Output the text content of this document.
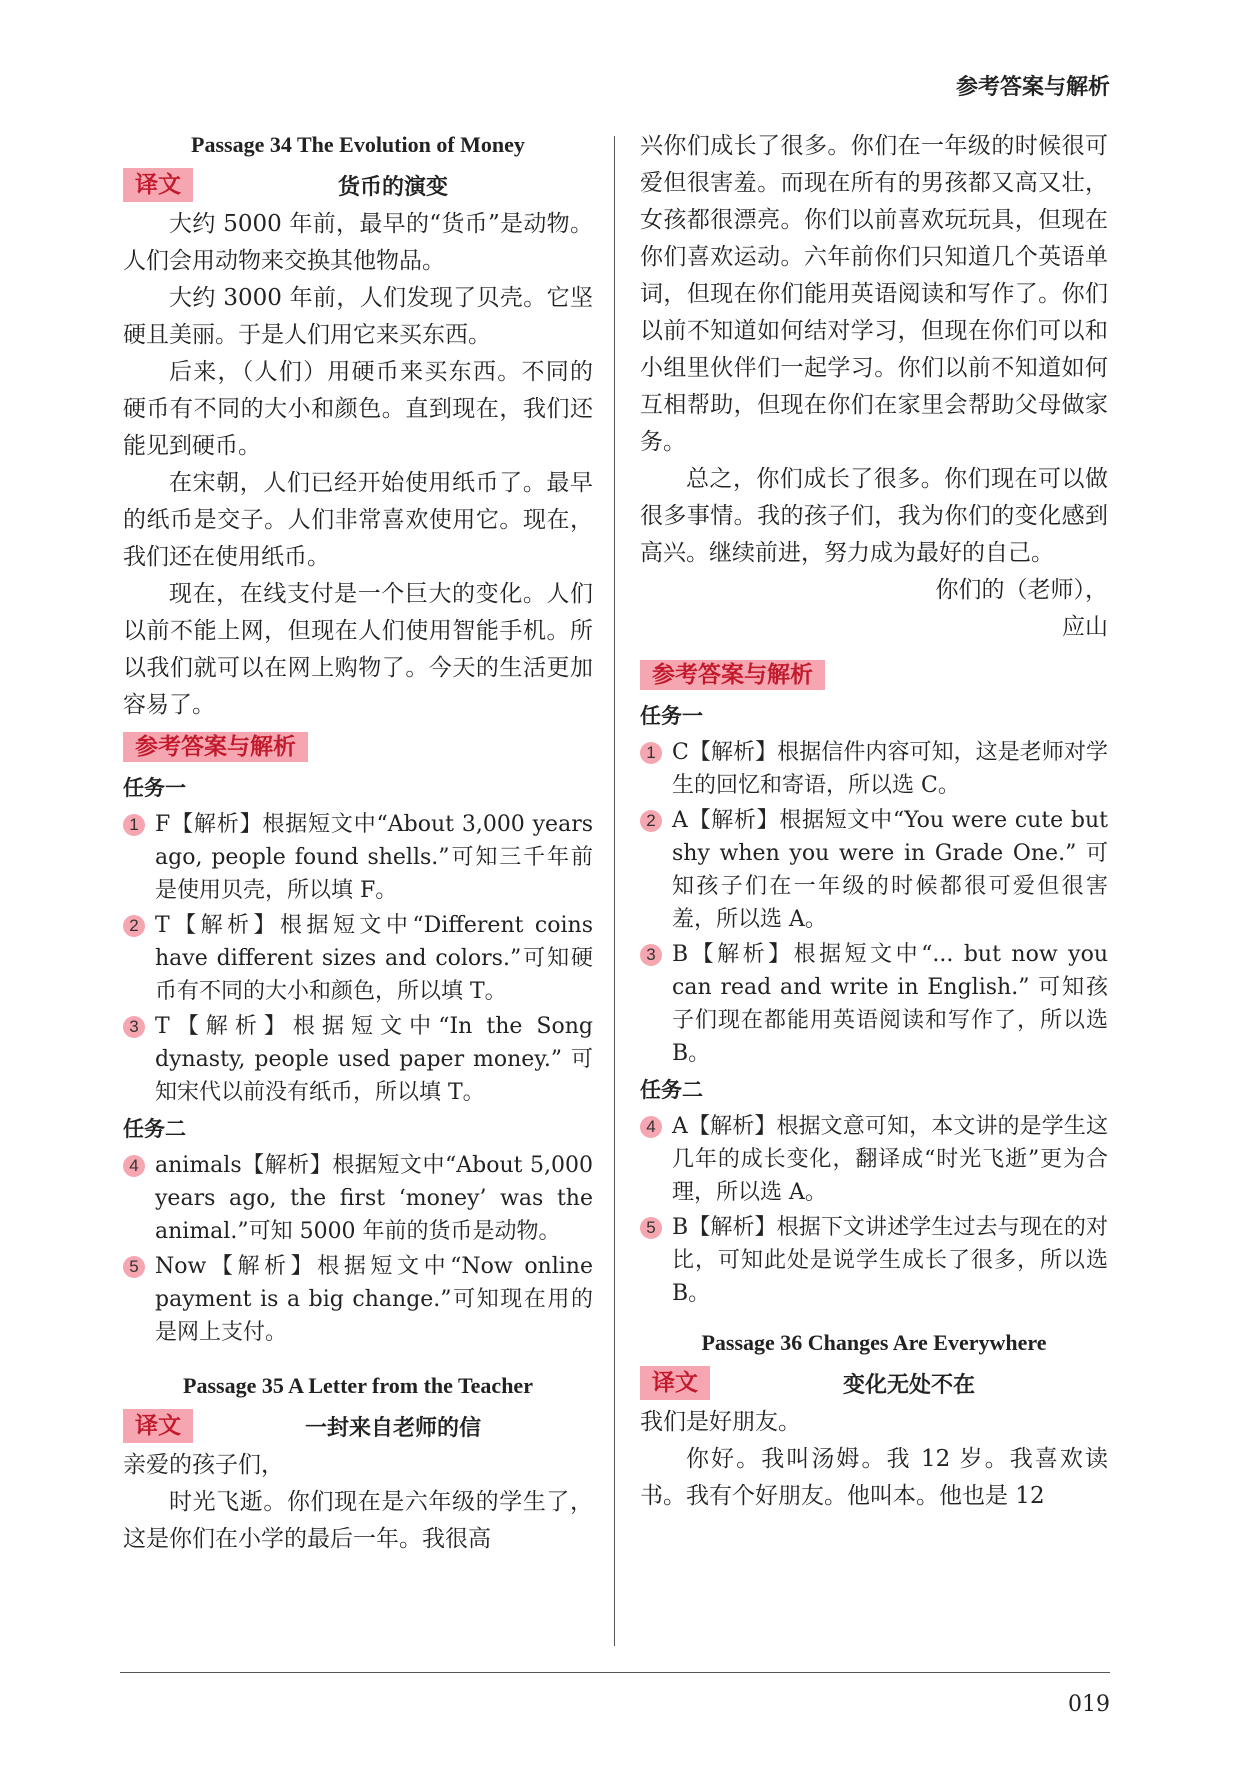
参考答案与解析
Passage 34 The Evolution of Money
译文	货币的演变

大约 5000 年前，最早的“货币”是动物。人们会用动物来交换其他物品。

大约 3000 年前，人们发现了贝壳。它坚硬且美丽。于是人们用它来买东西。

后来，（人们）用硬币来买东西。不同的硬币有不同的大小和颜色。直到现在，我们还能见到硬币。

在宋朝，人们已经开始使用纸币了。最早的纸币是交子。人们非常喜欢使用它。现在，我们还在使用纸币。

现在，在线支付是一个巨大的变化。人们以前不能上网，但现在人们使用智能手机。所以我们就可以在网上购物了。今天的生活更加容易了。

参考答案与解析
任务一
1 F【解析】根据短文中“About 3,000 years ago, people found shells.”可知三千年前是使用贝壳，所以填 F。
2 T【解析】根据短文中“Different coins have different sizes and colors.”可知硬币有不同的大小和颜色，所以填 T。
3 T【解析】根据短文中“In the Song dynasty, people used paper money.” 可知宋代以前没有纸币，所以填 T。
任务二
4 animals【解析】根据短文中“About 5,000 years ago, the first ‘money’ was the animal.”可知 5000 年前的货币是动物。
5 Now【解析】根据短文中“Now online payment is a big change.”可知现在用的是网上支付。
Passage 35 A Letter from the Teacher
译文	一封来自老师的信

亲爱的孩子们，

时光飞逝。你们现在是六年级的学生了，这是你们在小学的最后一年。我很高

兴你们成长了很多。你们在一年级的时候很可爱但很害羞。而现在所有的男孩都又高又壮，女孩都很漂亮。你们以前喜欢玩玩具，但现在你们喜欢运动。六年前你们只知道几个英语单词，但现在你们能用英语阅读和写作了。你们以前不知道如何结对学习，但现在你们可以和小组里伙伴们一起学习。你们以前不知道如何互相帮助，但现在你们在家里会帮助父母做家务。

总之，你们成长了很多。你们现在可以做很多事情。我的孩子们，我为你们的变化感到高兴。继续前进，努力成为最好的自己。

你们的（老师），

应山

参考答案与解析
任务一
1 C【解析】根据信件内容可知，这是老师对学生的回忆和寄语，所以选 C。
2 A【解析】根据短文中“You were cute but shy when you were in Grade One.” 可知孩子们在一年级的时候都很可爱但很害羞，所以选 A。
3 B【解析】根据短文中“... but now you can read and write in English.” 可知孩子们现在都能用英语阅读和写作了，所以选 B。
任务二
4 A【解析】根据文意可知，本文讲的是学生这几年的成长变化，翻译成“时光飞逝”更为合理，所以选 A。
5 B【解析】根据下文讲述学生过去与现在的对比，可知此处是说学生成长了很多，所以选 B。
Passage 36 Changes Are Everywhere
译文	变化无处不在

我们是好朋友。

你好。我叫汤姆。我 12 岁。我喜欢读书。我有个好朋友。他叫本。他也是 12

019
